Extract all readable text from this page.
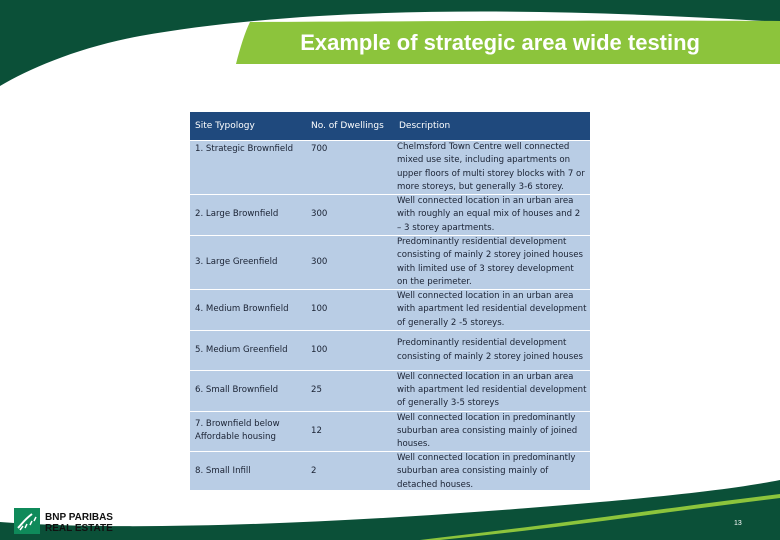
Example of strategic area wide testing
Site Typology	No. of Dwellings	Description
1. Strategic Brownfield	700	Chelmsford Town Centre well connected mixed use site, including apartments on upper floors of multi storey blocks with 7 or more storeys, but generally 3-6 storey.
2. Large Brownfield	300	Well connected location in an urban area with roughly an equal mix of houses and 2 – 3 storey apartments.
3. Large Greenfield	300	Predominantly residential development consisting of mainly 2 storey joined houses with limited use of 3 storey development on the perimeter.
4. Medium Brownfield	100	Well connected location in an urban area with apartment led residential development of generally 2 -5 storeys.
5. Medium Greenfield	100	Predominantly residential development consisting of mainly 2 storey joined houses
6. Small Brownfield	25	Well connected location in an urban area with apartment led residential development of generally 3-5 storeys
7. Brownfield below Affordable housing	12	Well connected location in predominantly suburban area consisting mainly of joined houses.
8. Small Infill	2	Well connected location in predominantly suburban area consisting mainly of detached houses.
BNP PARIBAS
REAL ESTATE	13
